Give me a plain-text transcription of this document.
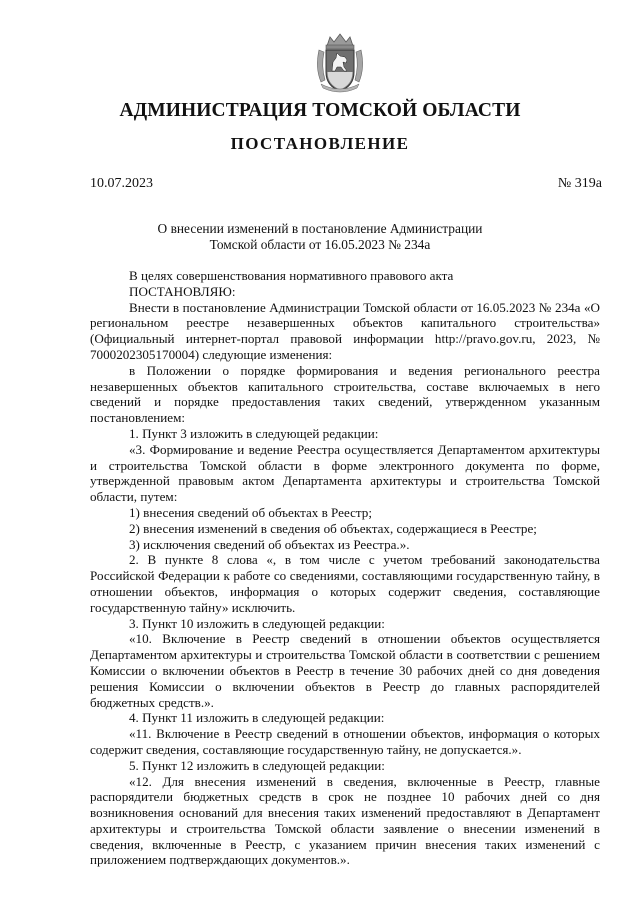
АДМИНИСТРАЦИЯ ТОМСКОЙ ОБЛАСТИ
ПОСТАНОВЛЕНИЕ
10.07.2023	№ 319а
О внесении изменений в постановление Администрации
Томской области от 16.05.2023 № 234а

В целях совершенствования нормативного правового акта

ПОСТАНОВЛЯЮ:

Внести в постановление Администрации Томской области от 16.05.2023 № 234а «О региональном реестре незавершенных объектов капитального строительства» (Официальный интернет-портал правовой информации http://pravo.gov.ru, 2023, № 7000202305170004) следующие изменения:

в Положении о порядке формирования и ведения регионального реестра незавершенных объектов капитального строительства, составе включаемых в него сведений и порядке предоставления таких сведений, утвержденном указанным постановлением:

1. Пункт 3 изложить в следующей редакции:

«3. Формирование и ведение Реестра осуществляется Департаментом архитектуры и строительства Томской области в форме электронного документа по форме, утвержденной правовым актом Департамента архитектуры и строительства Томской области, путем:

1) внесения сведений об объектах в Реестр;

2) внесения изменений в сведения об объектах, содержащиеся в Реестре;

3) исключения сведений об объектах из Реестра.».

2. В пункте 8 слова «, в том числе с учетом требований законодательства Российской Федерации к работе со сведениями, составляющими государственную тайну, в отношении объектов, информация о которых содержит сведения, составляющие государственную тайну» исключить.

3. Пункт 10 изложить в следующей редакции:

«10. Включение в Реестр сведений в отношении объектов осуществляется Департаментом архитектуры и строительства Томской области в соответствии с решением Комиссии о включении объектов в Реестр в течение 30 рабочих дней со дня доведения решения Комиссии о включении объектов в Реестр до главных распорядителей бюджетных средств.».

4. Пункт 11 изложить в следующей редакции:

«11. Включение в Реестр сведений в отношении объектов, информация о которых содержит сведения, составляющие государственную тайну, не допускается.».

5. Пункт 12 изложить в следующей редакции:

«12. Для внесения изменений в сведения, включенные в Реестр, главные распорядители бюджетных средств в срок не позднее 10 рабочих дней со дня возникновения оснований для внесения таких изменений предоставляют в Департамент архитектуры и строительства Томской области заявление о внесении изменений в сведения, включенные в Реестр, с указанием причин внесения таких изменений с приложением подтверждающих документов.».
